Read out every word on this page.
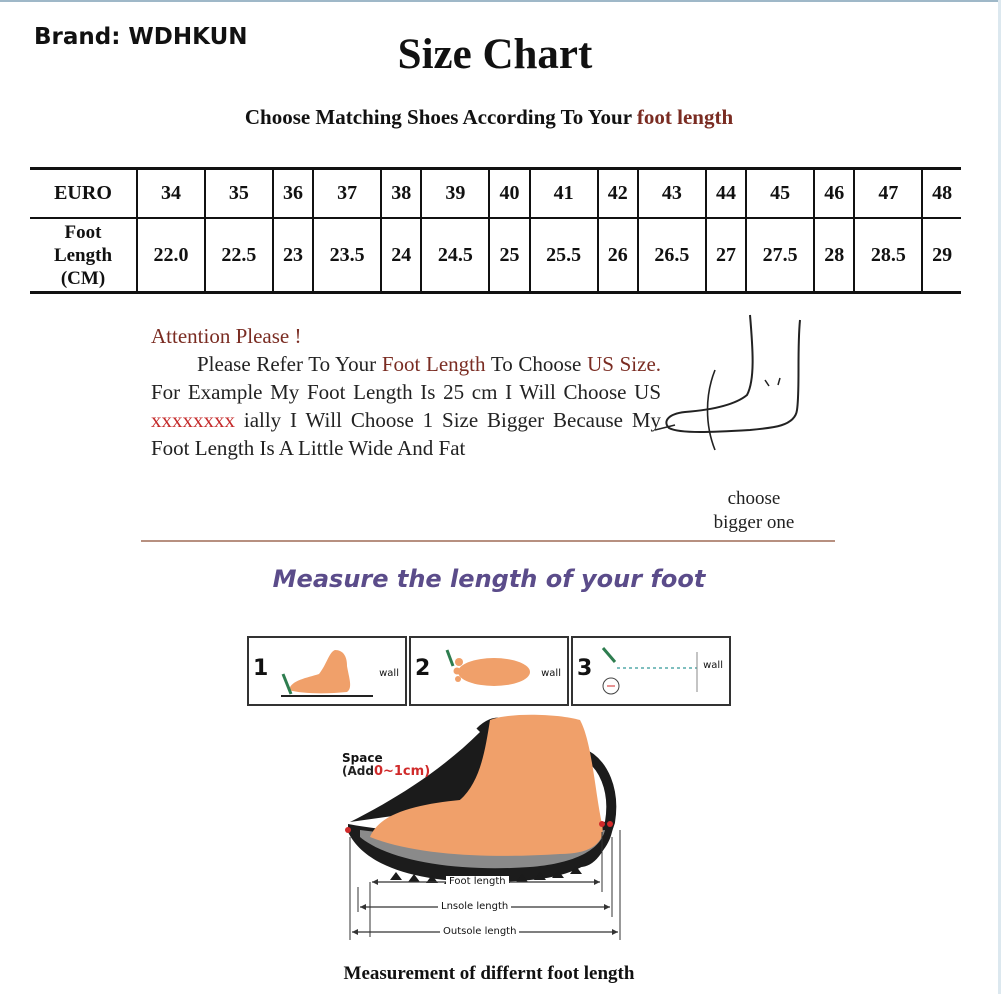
Brand: WDHKUN	Size Chart
Choose Matching Shoes According To Your foot length
EURO	34	35	36	37	38	39	40	41	42	43	44	45	46	47	48

Foot
Length
(CM)	22.0	22.5	23	23.5	24	24.5	25	25.5	26	26.5	27	27.5	28	28.5	29
Attention Please !
Please Refer To Your Foot Length To Choose US Size. For Example My Foot Length Is 25 cm I Will Choose US xxxxxxxx ially I Will Choose 1 Size Bigger Because My Foot Length Is A Little Wide And Fat
choose
bigger one
Measure the length of your foot
1	wall 2	wall 3	wall
Space
(Add0~1cm)
Foot length
Lnsole length
Outsole length
Measurement of differnt foot length
